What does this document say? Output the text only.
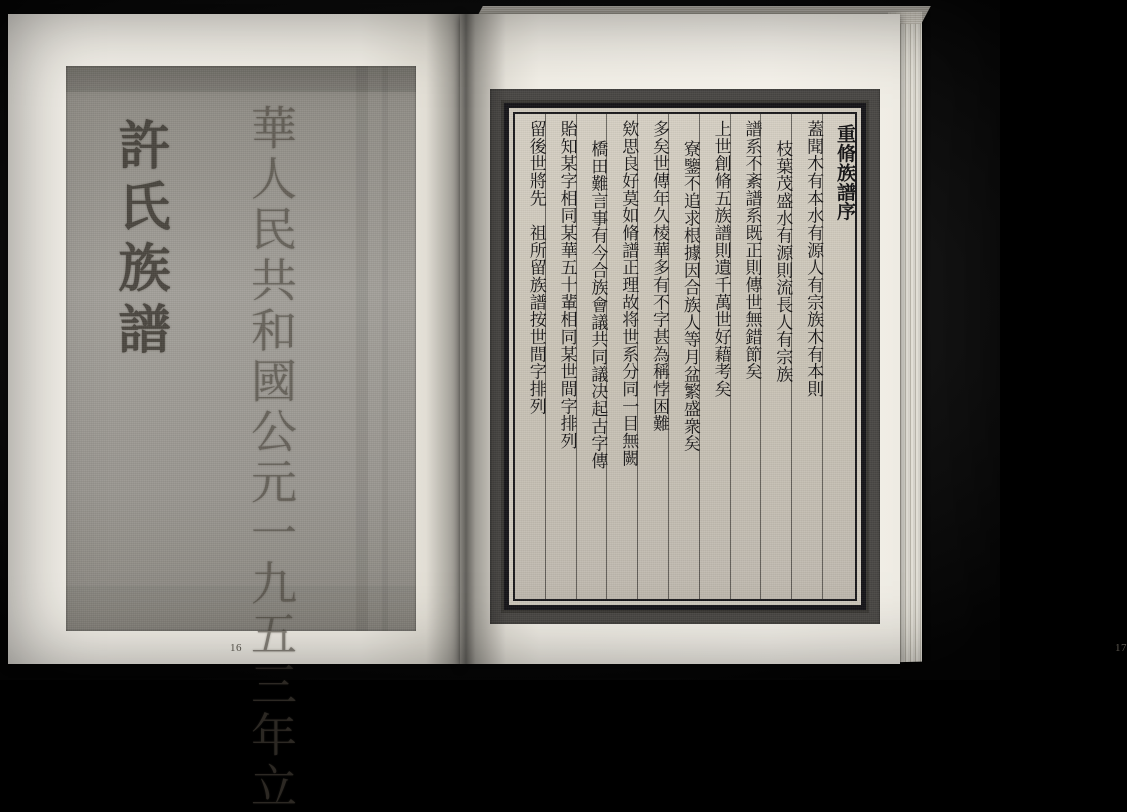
許氏族譜 華人民共和國公元一九五三年立
16
重脩族譜序
蓋聞木有本水有源人有宗族木有本則
枝葉茂盛水有源則流長人有宗族
譜系不紊譜系既正則傳世無錯節矣
上世創脩五族譜則遺千萬世好藉考矣
寮鑒不追求根據因合族人等月盆繁盛衆矣
多矣世傳年久棱華多有不字甚為稱悖困難
欸思良好莫如脩譜正理故将世系分同一目無闕
橋田難言事有今合族會議共同議决起古字傳
貽知某字相同某華五十輩相同某世間字排列
留後世將先　祖所留族譜按世間字排列
17
